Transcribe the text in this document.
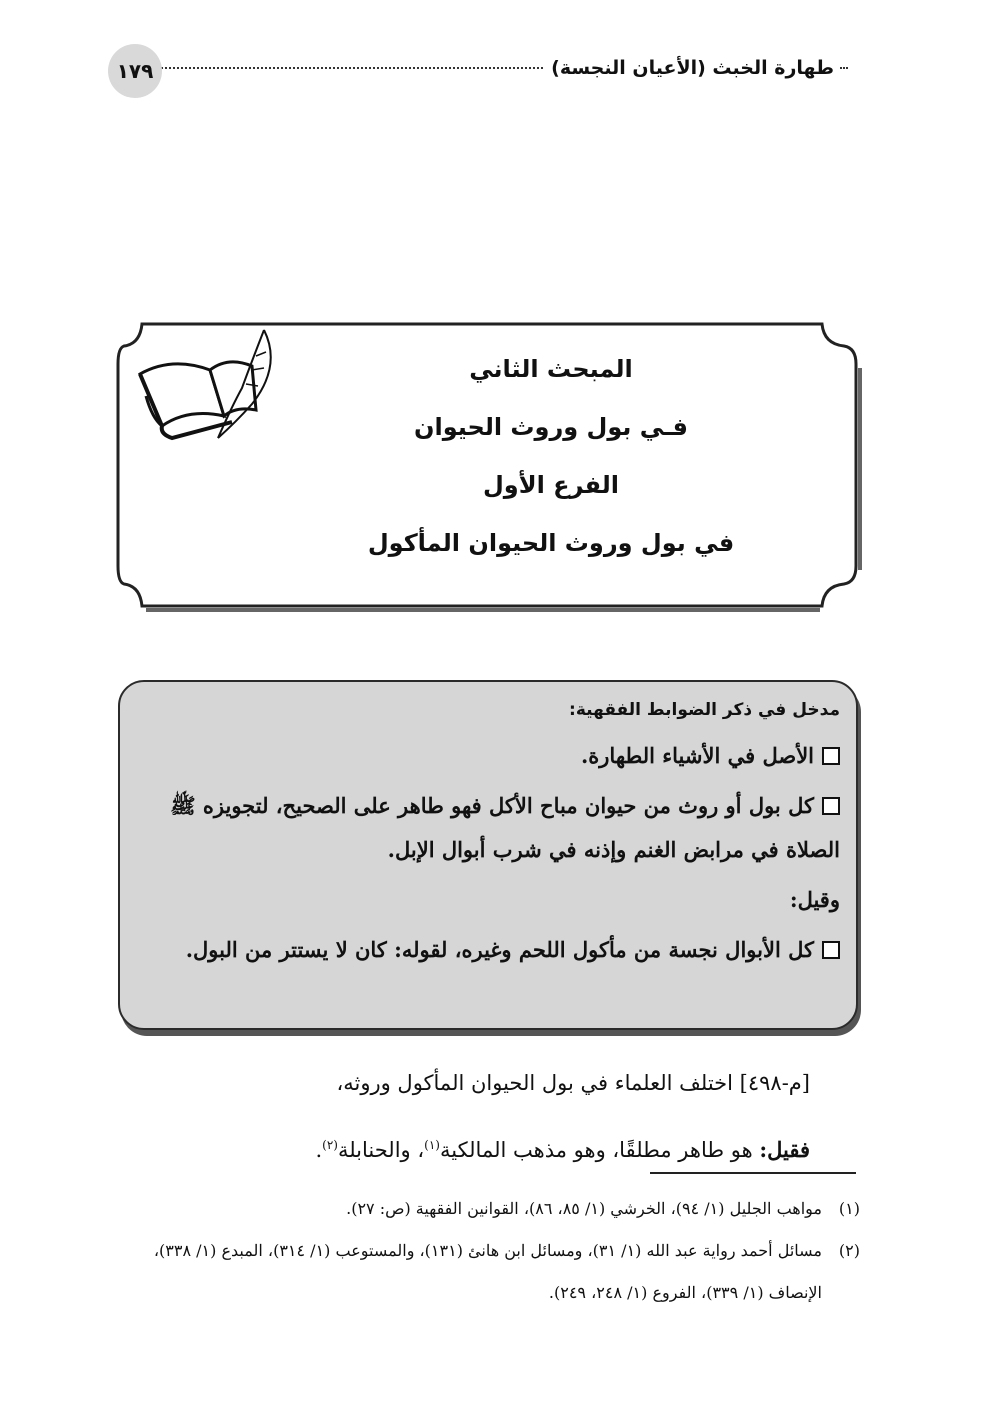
طهارة الخبث (الأعيان النجسة)
١٧٩
المبحث الثاني
فـي بول وروث الحيوان
الفرع الأول
في بول وروث الحيوان المأكول
مدخل في ذكر الضوابط الفقهية:
الأصل في الأشياء الطهارة.
كل بول أو روث من حيوان مباح الأكل فهو طاهر على الصحيح، لتجويزه ﷺ الصلاة في مرابض الغنم وإذنه في شرب أبوال الإبل.
وقيل:
كل الأبوال نجسة من مأكول اللحم وغيره، لقوله: كان لا يستتر من البول.

[م-٤٩٨] اختلف العلماء في بول الحيوان المأكول وروثه،

فقيل: هو طاهر مطلقًا، وهو مذهب المالكية$^{(١)}$، والحنابلة$^{(٢)}$.

(١)
مواهب الجليل (١/ ٩٤)، الخرشي (١/ ٨٥، ٨٦)، القوانين الفقهية (ص: ٢٧).
(٢)
مسائل أحمد رواية عبد الله (١/ ٣١)، ومسائل ابن هانئ (١٣١)، والمستوعب (١/ ٣١٤)، المبدع (١/ ٣٣٨)، الإنصاف (١/ ٣٣٩)، الفروع (١/ ٢٤٨، ٢٤٩).
